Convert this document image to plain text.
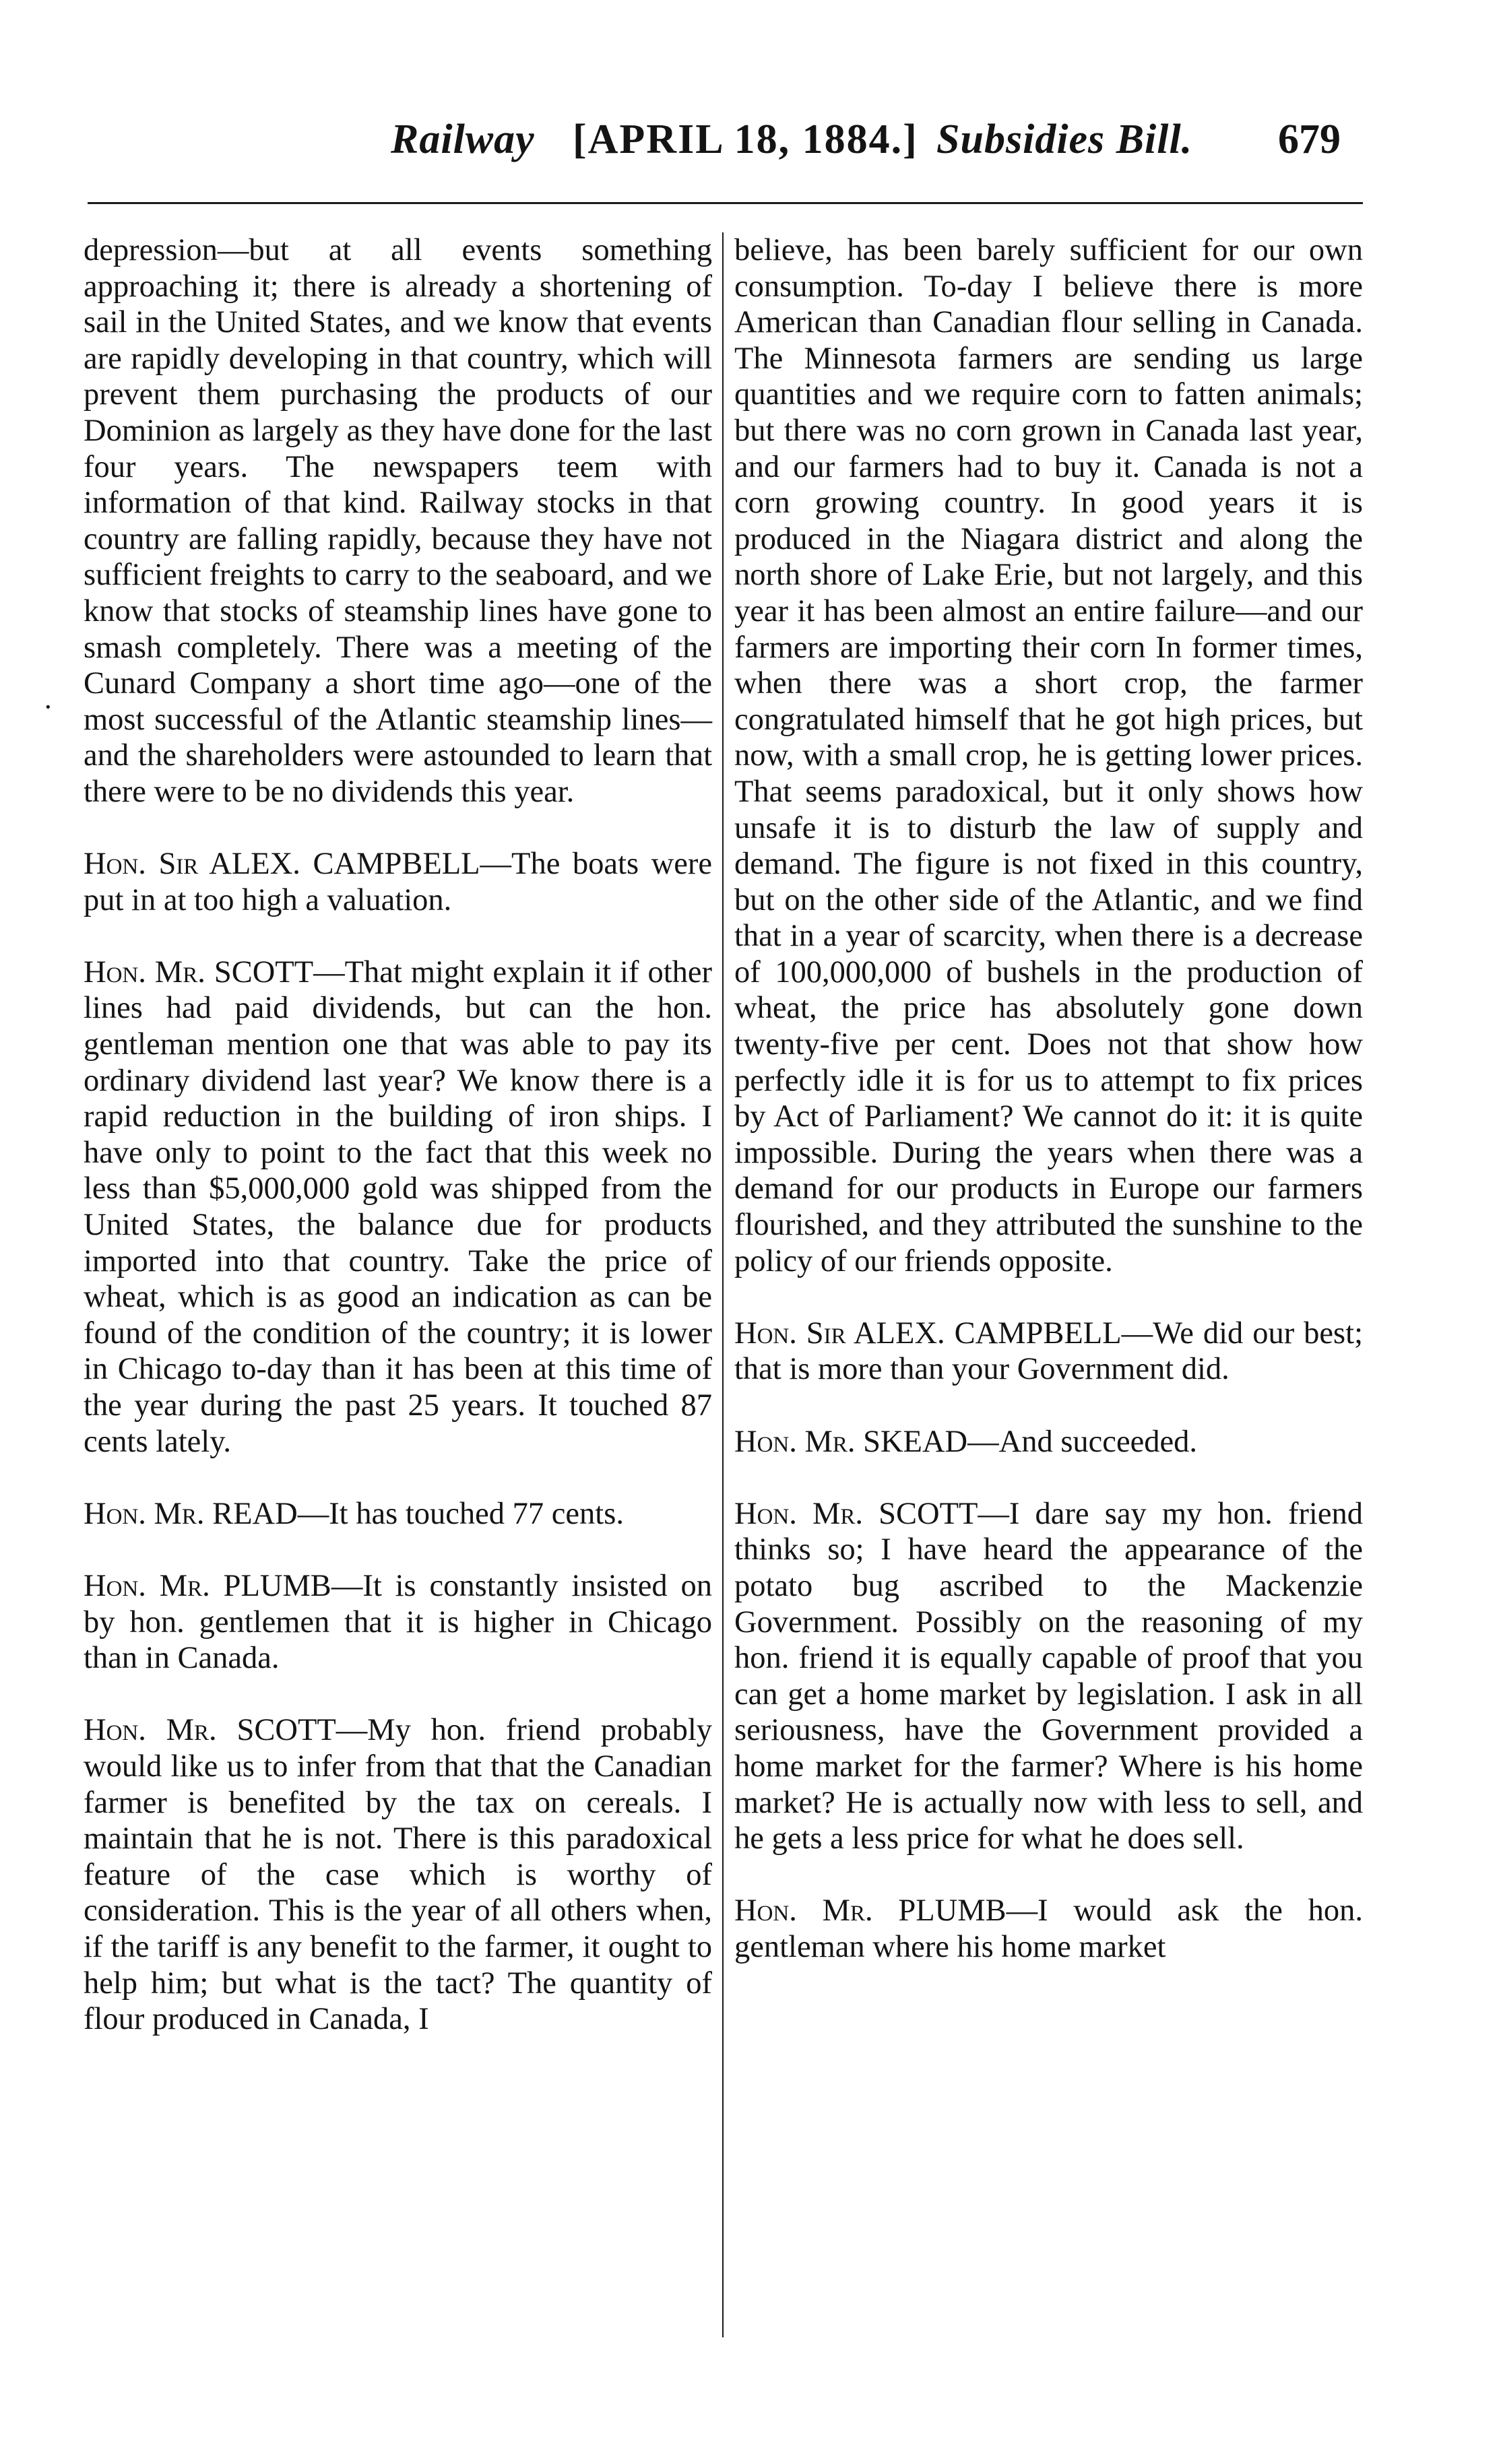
Railway [APRIL 18, 1884.] Subsidies Bill. 679
·

depression—but at all events something approaching it; there is already a shortening of sail in the United States, and we know that events are rapidly developing in that country, which will prevent them purchasing the products of our Dominion as largely as they have done for the last four years. The newspapers teem with information of that kind. Railway stocks in that country are falling rapidly, because they have not sufficient freights to carry to the seaboard, and we know that stocks of steamship lines have gone to smash completely. There was a meeting of the Cunard Company a short time ago—one of the most successful of the Atlantic steamship lines—and the shareholders were astounded to learn that there were to be no dividends this year.

Hon. Sir ALEX. CAMPBELL—The boats were put in at too high a valuation.

Hon. Mr. SCOTT—That might explain it if other lines had paid dividends, but can the hon. gentleman mention one that was able to pay its ordinary dividend last year? We know there is a rapid reduction in the building of iron ships. I have only to point to the fact that this week no less than $5,000,000 gold was shipped from the United States, the balance due for products imported into that country. Take the price of wheat, which is as good an indication as can be found of the condition of the country; it is lower in Chicago to-day than it has been at this time of the year during the past 25 years. It touched 87 cents lately.

Hon. Mr. READ—It has touched 77 cents.

Hon. Mr. PLUMB—It is constantly insisted on by hon. gentlemen that it is higher in Chicago than in Canada.

Hon. Mr. SCOTT—My hon. friend probably would like us to infer from that that the Canadian farmer is benefited by the tax on cereals. I maintain that he is not. There is this paradoxical feature of the case which is worthy of consideration. This is the year of all others when, if the tariff is any benefit to the farmer, it ought to help him; but what is the tact? The quantity of flour produced in Canada, I

believe, has been barely sufficient for our own consumption. To-day I believe there is more American than Canadian flour selling in Canada. The Minnesota farmers are sending us large quantities and we require corn to fatten animals; but there was no corn grown in Canada last year, and our farmers had to buy it. Canada is not a corn growing country. In good years it is produced in the Niagara district and along the north shore of Lake Erie, but not largely, and this year it has been almost an entire failure—and our farmers are importing their corn In former times, when there was a short crop, the farmer congratulated himself that he got high prices, but now, with a small crop, he is getting lower prices. That seems paradoxical, but it only shows how unsafe it is to disturb the law of supply and demand. The figure is not fixed in this country, but on the other side of the Atlantic, and we find that in a year of scarcity, when there is a decrease of 100,000,000 of bushels in the production of wheat, the price has absolutely gone down twenty-five per cent. Does not that show how perfectly idle it is for us to attempt to fix prices by Act of Parliament? We cannot do it: it is quite impossible. During the years when there was a demand for our products in Europe our farmers flourished, and they attributed the sunshine to the policy of our friends opposite.

Hon. Sir ALEX. CAMPBELL—We did our best; that is more than your Government did.

Hon. Mr. SKEAD—And succeeded.

Hon. Mr. SCOTT—I dare say my hon. friend thinks so; I have heard the appearance of the potato bug ascribed to the Mackenzie Government. Possibly on the reasoning of my hon. friend it is equally capable of proof that you can get a home market by legislation. I ask in all seriousness, have the Government provided a home market for the farmer? Where is his home market? He is actually now with less to sell, and he gets a less price for what he does sell.

Hon. Mr. PLUMB—I would ask the hon. gentleman where his home market
